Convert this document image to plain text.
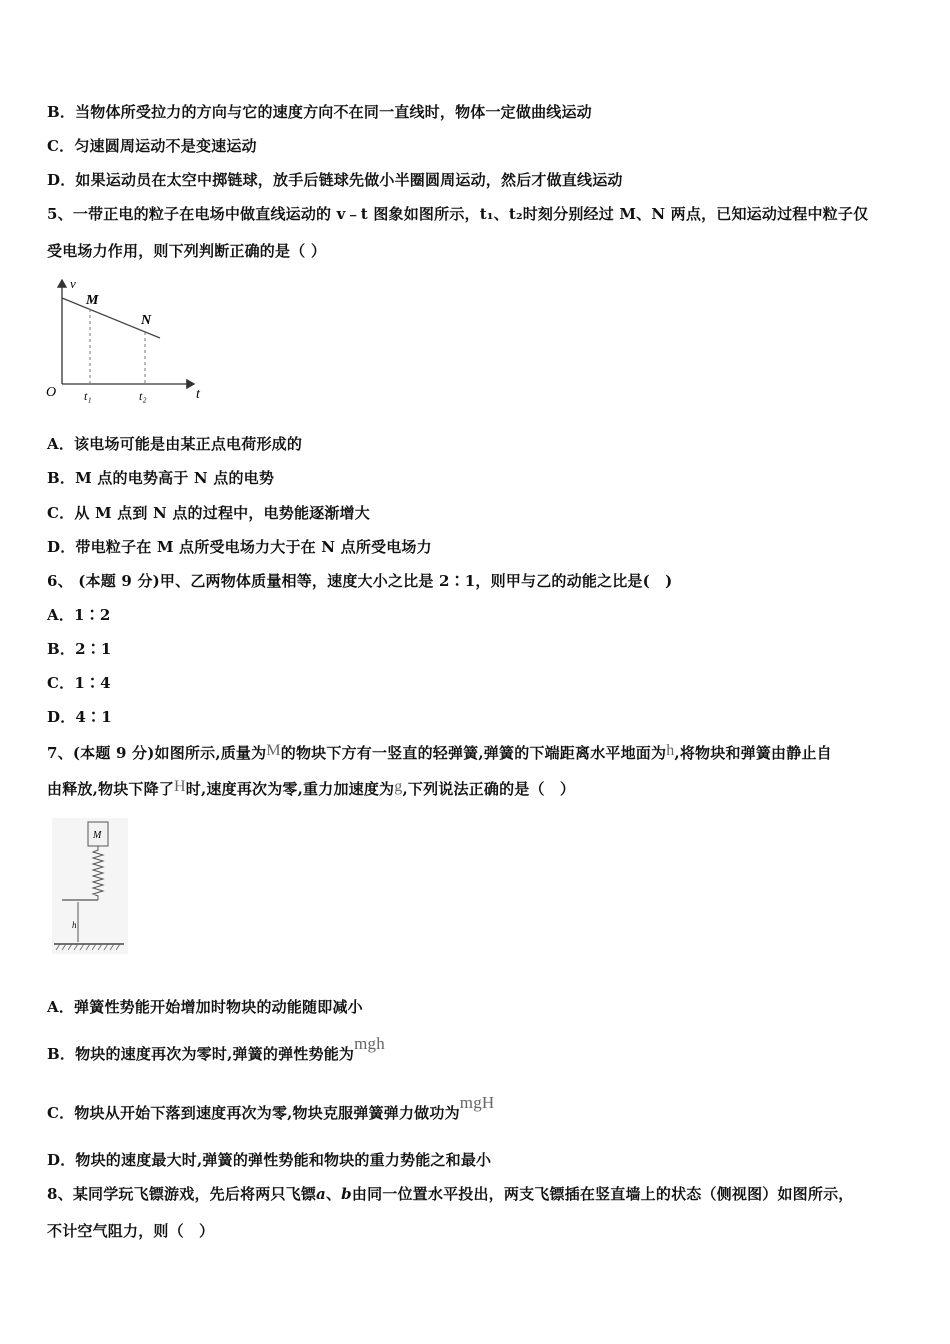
B．当物体所受拉力的方向与它的速度方向不在同一直线时，物体一定做曲线运动
C．匀速圆周运动不是变速运动
D．如果运动员在太空中掷链球，放手后链球先做小半圈圆周运动，然后才做直线运动
5、一带正电的粒子在电场中做直线运动的 v﹣t 图象如图所示，t₁、t₂时刻分别经过 M、N 两点，已知运动过程中粒子仅
受电场力作用，则下列判断正确的是（ ）
v
t
O
M
N
t₁	t₂
A．该电场可能是由某正点电荷形成的
B．M 点的电势高于 N 点的电势
C．从 M 点到 N 点的过程中，电势能逐渐增大
D．带电粒子在 M 点所受电场力大于在 N 点所受电场力
6、 (本题 9 分)甲、乙两物体质量相等，速度大小之比是 2∶1，则甲与乙的动能之比是(　)
A．1∶2
B．2∶1
C．1∶4
D．4∶1
7、(本题 9 分)如图所示,质量为M的物块下方有一竖直的轻弹簧,弹簧的下端距离水平地面为h,将物块和弹簧由静止自
由释放,物块下降了H时,速度再次为零,重力加速度为g,下列说法正确的是（　）
M
h
A．弹簧性势能开始增加时物块的动能随即减小
B．物块的速度再次为零时,弹簧的弹性势能为mgh
C．物块从开始下落到速度再次为零,物块克服弹簧弹力做功为mgH
D．物块的速度最大时,弹簧的弹性势能和物块的重力势能之和最小
8、某同学玩飞镖游戏，先后将两只飞镖a、b由同一位置水平投出，两支飞镖插在竖直墙上的状态（侧视图）如图所示，
不计空气阻力，则（　）
